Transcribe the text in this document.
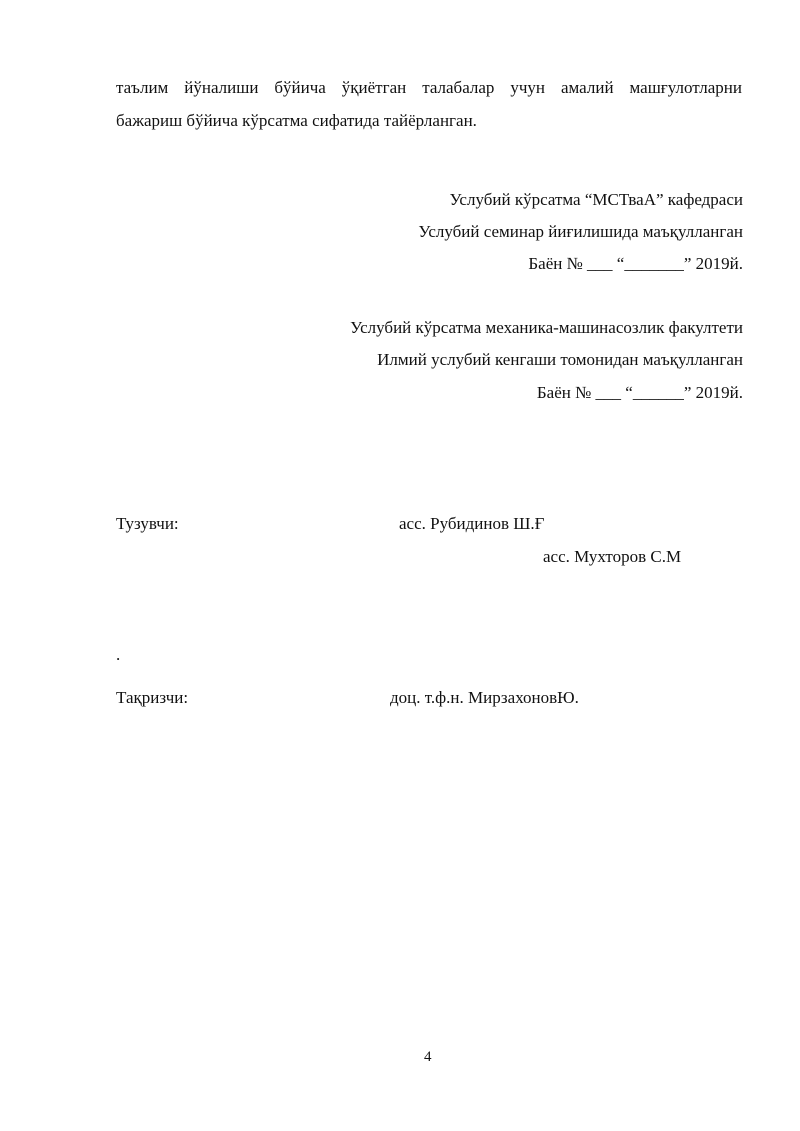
таълим йўналиши бўйича ўқиётган талабалар учун амалий машғулотларни
бажариш бўйича кўрсатма сифатида тайёрланган.
Услубий кўрсатма “МСТваА” кафедраси
Услубий семинар йиғилишида маъқулланган
Баён № ___ “_______” 2019й.
Услубий кўрсатма механика-машинасозлик факултети
Илмий услубий кенгаши томонидан маъқулланган
Баён № ___ “______” 2019й.
Тузувчи:	асс. Рубидинов Ш.Ғ
асс. Мухторов С.М
.
Тақризчи:	доц. т.ф.н. МирзахоновЮ.
4
